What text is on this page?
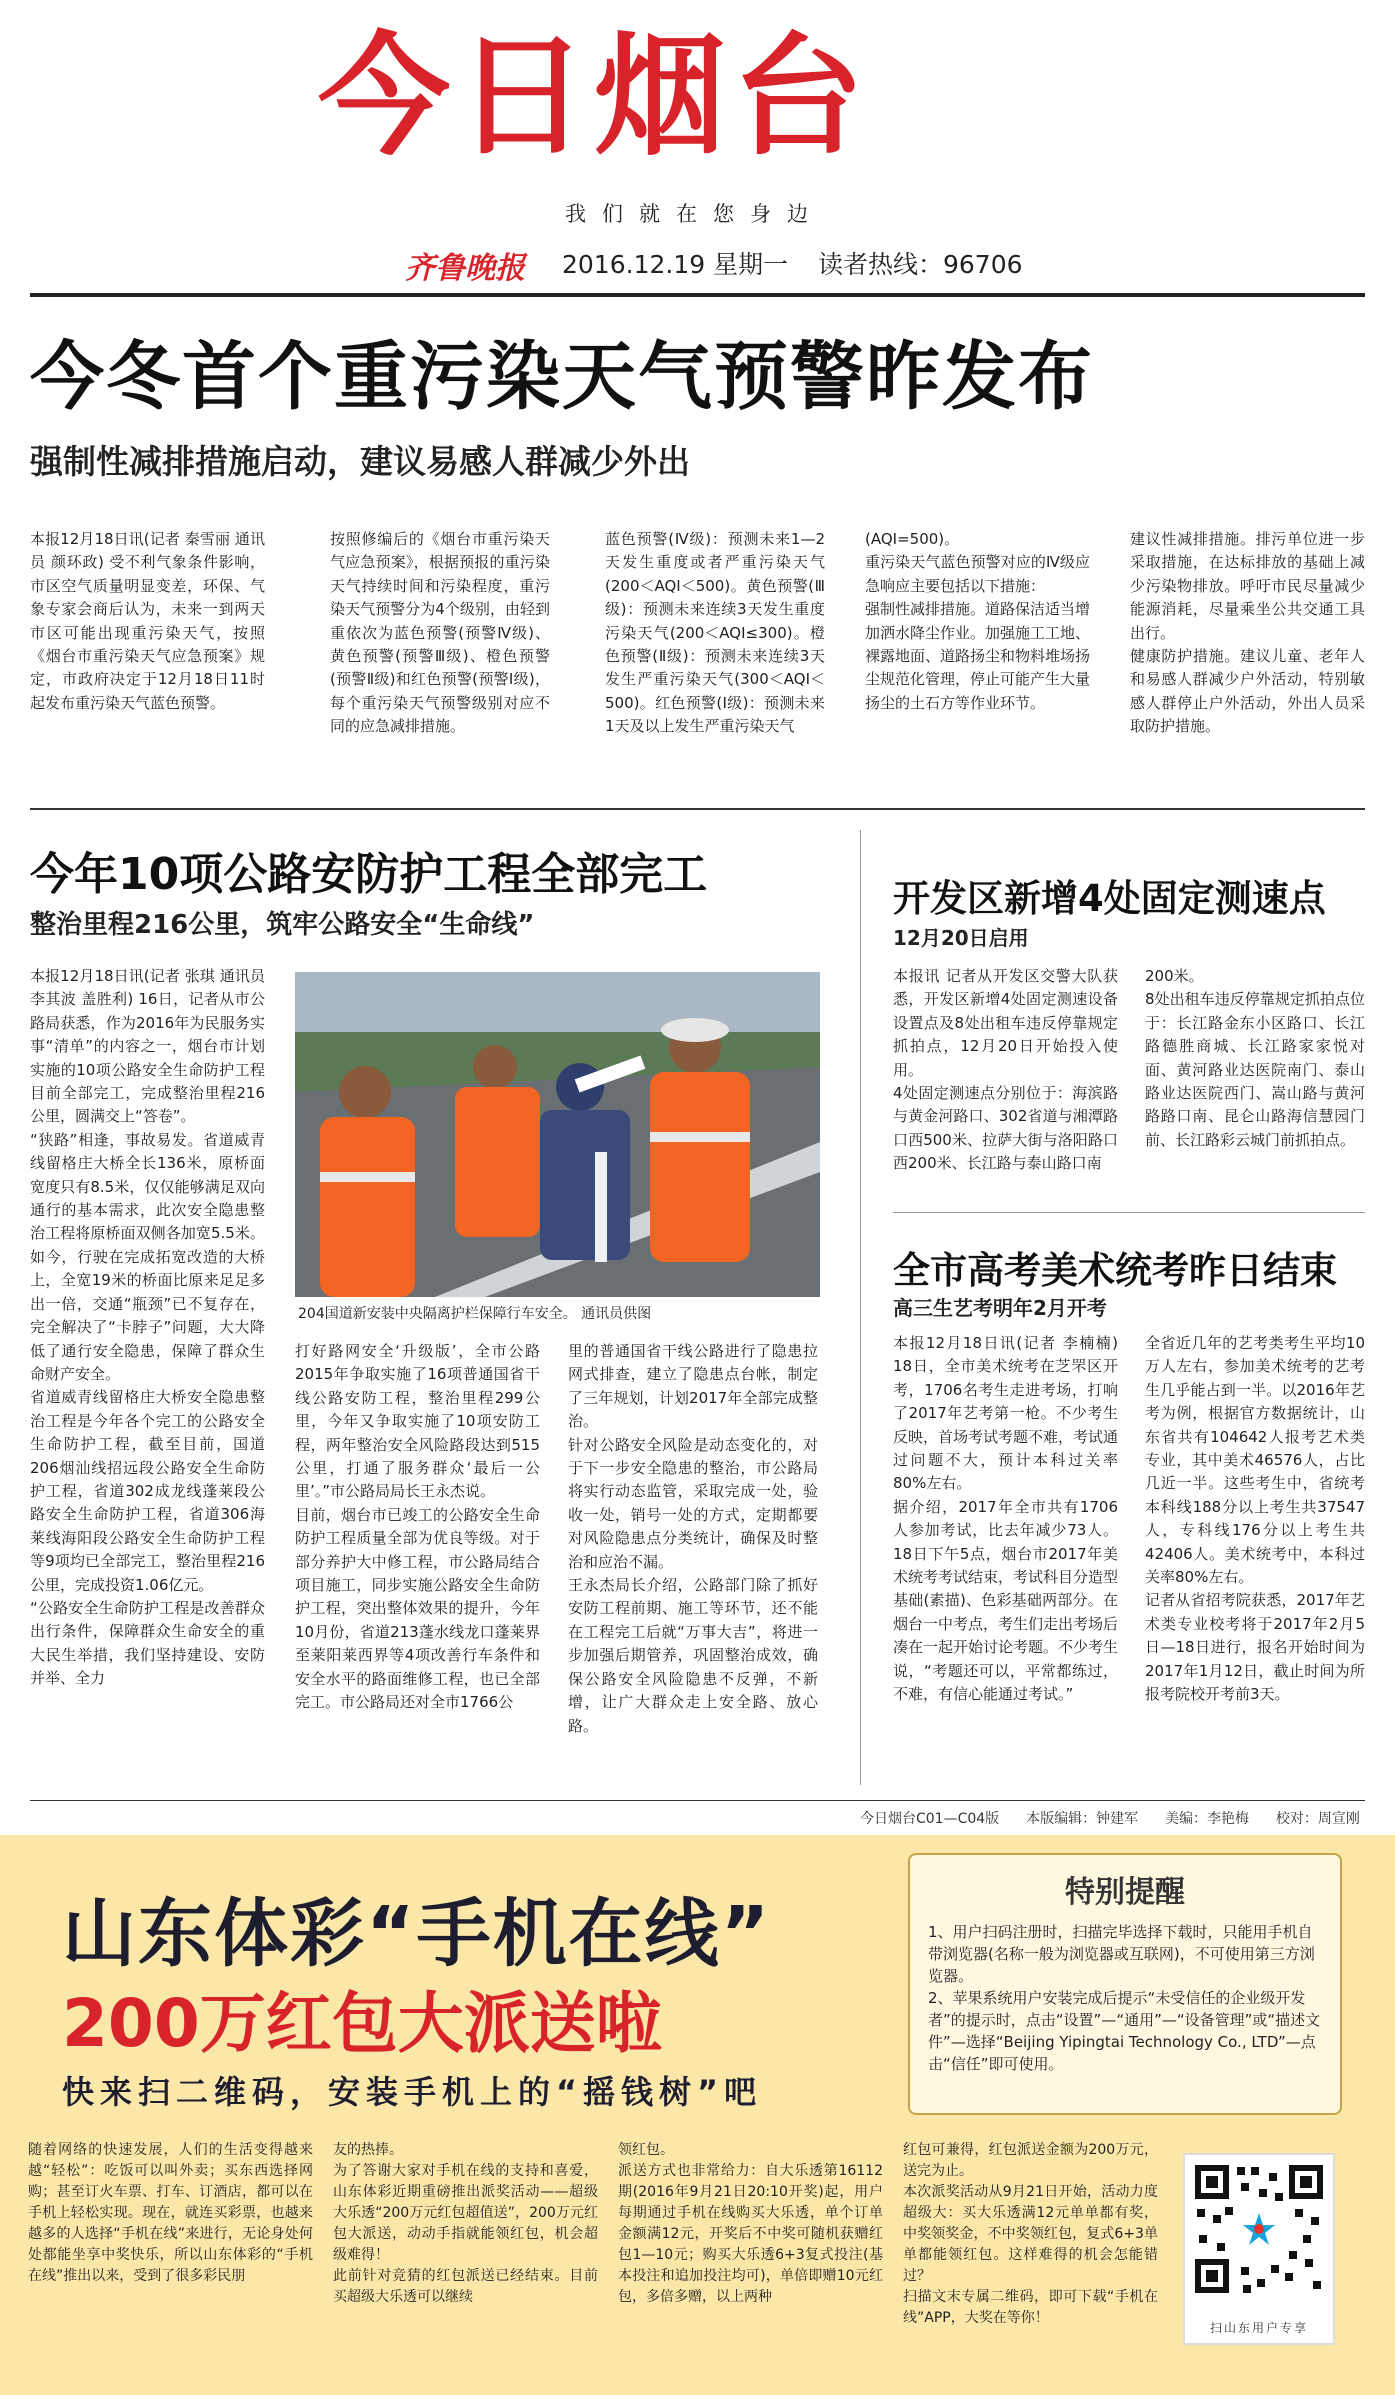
今日烟台
我们就在您身边
齐鲁晚报 2016.12.19 星期一 读者热线：96706
今冬首个重污染天气预警昨发布
强制性减排措施启动，建议易感人群减少外出
本报12月18日讯(记者 秦雪丽 通讯员 颜环政) 受不利气象条件影响，市区空气质量明显变差，环保、气象专家会商后认为，未来一到两天市区可能出现重污染天气，按照《烟台市重污染天气应急预案》规定，市政府决定于12月18日11时起发布重污染天气蓝色预警。
按照修编后的《烟台市重污染天气应急预案》，根据预报的重污染天气持续时间和污染程度，重污染天气预警分为4个级别，由轻到重依次为蓝色预警(预警Ⅳ级)、黄色预警(预警Ⅲ级)、橙色预警(预警Ⅱ级)和红色预警(预警Ⅰ级)，每个重污染天气预警级别对应不同的应急减排措施。
蓝色预警(Ⅳ级)：预测未来1—2天发生重度或者严重污染天气(200＜AQI＜500)。黄色预警(Ⅲ级)：预测未来连续3天发生重度污染天气(200＜AQI≤300)。橙色预警(Ⅱ级)：预测未来连续3天发生严重污染天气(300＜AQI＜500)。红色预警(Ⅰ级)：预测未来1天及以上发生严重污染天气
(AQI=500)。
重污染天气蓝色预警对应的Ⅳ级应急响应主要包括以下措施：
强制性减排措施。道路保洁适当增加洒水降尘作业。加强施工工地、裸露地面、道路扬尘和物料堆场扬尘规范化管理，停止可能产生大量扬尘的土石方等作业环节。
建议性减排措施。排污单位进一步采取措施，在达标排放的基础上减少污染物排放。呼吁市民尽量减少能源消耗，尽量乘坐公共交通工具出行。
健康防护措施。建议儿童、老年人和易感人群减少户外活动，特别敏感人群停止户外活动，外出人员采取防护措施。
今年10项公路安防护工程全部完工
整治里程216公里，筑牢公路安全“生命线”
本报12月18日讯(记者 张琪 通讯员 李其波 盖胜利) 16日，记者从市公路局获悉，作为2016年为民服务实事“清单”的内容之一，烟台市计划实施的10项公路安全生命防护工程目前全部完工，完成整治里程216公里，圆满交上“答卷”。
“狭路”相逢，事故易发。省道威青线留格庄大桥全长136米，原桥面宽度只有8.5米，仅仅能够满足双向通行的基本需求，此次安全隐患整治工程将原桥面双侧各加宽5.5米。如今，行驶在完成拓宽改造的大桥上，全宽19米的桥面比原来足足多出一倍，交通“瓶颈”已不复存在，完全解决了“卡脖子”问题，大大降低了通行安全隐患，保障了群众生命财产安全。
省道威青线留格庄大桥安全隐患整治工程是今年各个完工的公路安全生命防护工程，截至目前，国道206烟汕线招远段公路安全生命防护工程，省道302成龙线蓬莱段公路安全生命防护工程，省道306海莱线海阳段公路安全生命防护工程等9项均已全部完工，整治里程216公里，完成投资1.06亿元。
“公路安全生命防护工程是改善群众出行条件，保障群众生命安全的重大民生举措，我们坚持建设、安防并举、全力
204国道新安装中央隔离护栏保障行车安全。 通讯员供图
打好路网安全‘升级版’，全市公路2015年争取实施了16项普通国省干线公路安防工程，整治里程299公里，今年又争取实施了10项安防工程，两年整治安全风险路段达到515公里，打通了服务群众‘最后一公里’。”市公路局局长王永杰说。
目前，烟台市已竣工的公路安全生命防护工程质量全部为优良等级。对于部分养护大中修工程，市公路局结合项目施工，同步实施公路安全生命防护工程，突出整体效果的提升，今年10月份，省道213蓬水线龙口蓬莱界至莱阳莱西界等4项改善行车条件和安全水平的路面维修工程，也已全部完工。市公路局还对全市1766公
里的普通国省干线公路进行了隐患拉网式排查，建立了隐患点台帐，制定了三年规划，计划2017年全部完成整治。
针对公路安全风险是动态变化的，对于下一步安全隐患的整治，市公路局将实行动态监管，采取完成一处，验收一处，销号一处的方式，定期都要对风险隐患点分类统计，确保及时整治和应治不漏。
王永杰局长介绍，公路部门除了抓好安防工程前期、施工等环节，还不能在工程完工后就“万事大吉”，将进一步加强后期管养，巩固整治成效，确保公路安全风险隐患不反弹，不新增，让广大群众走上安全路、放心路。
开发区新增4处固定测速点
12月20日启用
本报讯 记者从开发区交警大队获悉，开发区新增4处固定测速设备设置点及8处出租车违反停靠规定抓拍点，12月20日开始投入使用。
4处固定测速点分别位于：海滨路与黄金河路口、302省道与湘潭路口西500米、拉萨大街与洛阳路口西200米、长江路与泰山路口南
200米。
8处出租车违反停靠规定抓拍点位于：长江路金东小区路口、长江路德胜商城、长江路家家悦对面、黄河路业达医院南门、泰山路业达医院西门、嵩山路与黄河路路口南、昆仑山路海信慧园门前、长江路彩云城门前抓拍点。
全市高考美术统考昨日结束
高三生艺考明年2月开考
本报12月18日讯(记者 李楠楠) 18日，全市美术统考在芝罘区开考，1706名考生走进考场，打响了2017年艺考第一枪。不少考生反映，首场考试考题不难，考试通过问题不大，预计本科过关率80%左右。
据介绍，2017年全市共有1706人参加考试，比去年减少73人。18日下午5点，烟台市2017年美术统考考试结束，考试科目分造型基础(素描)、色彩基础两部分。在烟台一中考点，考生们走出考场后凑在一起开始讨论考题。不少考生说，“考题还可以，平常都练过，不难，有信心能通过考试。”
全省近几年的艺考类考生平均10万人左右，参加美术统考的艺考生几乎能占到一半。以2016年艺考为例，根据官方数据统计，山东省共有104642人报考艺术类专业，其中美术46576人，占比几近一半。这些考生中，省统考本科线188分以上考生共37547人，专科线176分以上考生共42406人。美术统考中，本科过关率80%左右。
记者从省招考院获悉，2017年艺术类专业校考将于2017年2月5日—18日进行，报名开始时间为2017年1月12日，截止时间为所报考院校开考前3天。
今日烟台C01—C04版 本版编辑：钟建军 美编：李艳梅 校对：周宣刚
山东体彩“手机在线”
200万红包大派送啦
快来扫二维码，安装手机上的“摇钱树”吧
特别提醒
1、用户扫码注册时，扫描完毕选择下载时，只能用手机自带浏览器(名称一般为浏览器或互联网)，不可使用第三方浏览器。
2、苹果系统用户安装完成后提示“未受信任的企业级开发者”的提示时，点击“设置”—“通用”—“设备管理”或“描述文件”—选择“Beijing Yipingtai Technology Co., LTD”—点击“信任”即可使用。
随着网络的快速发展，人们的生活变得越来越“轻松”：吃饭可以叫外卖；买东西选择网购；甚至订火车票、打车、订酒店，都可以在手机上轻松实现。现在，就连买彩票，也越来越多的人选择“手机在线”来进行，无论身处何处都能坐享中奖快乐，所以山东体彩的“手机在线”推出以来，受到了很多彩民朋
友的热捧。
为了答谢大家对手机在线的支持和喜爱，山东体彩近期重磅推出派奖活动——超级大乐透“200万元红包超值送”，200万元红包大派送，动动手指就能领红包，机会超级难得！
此前针对竞猜的红包派送已经结束。目前买超级大乐透可以继续
领红包。
派送方式也非常给力：自大乐透第16112期(2016年9月21日20:10开奖)起，用户每期通过手机在线购买大乐透，单个订单金额满12元，开奖后不中奖可随机获赠红包1—10元；购买大乐透6+3复式投注(基本投注和追加投注均可)，单倍即赠10元红包，多倍多赠，以上两种
红包可兼得，红包派送金额为200万元，送完为止。
本次派奖活动从9月21日开始，活动力度超级大：买大乐透满12元单单都有奖，中奖领奖金，不中奖领红包，复式6+3单单都能领红包。这样难得的机会怎能错过？
扫描文末专属二维码，即可下载“手机在线”APP，大奖在等你！
扫山东用户专享
